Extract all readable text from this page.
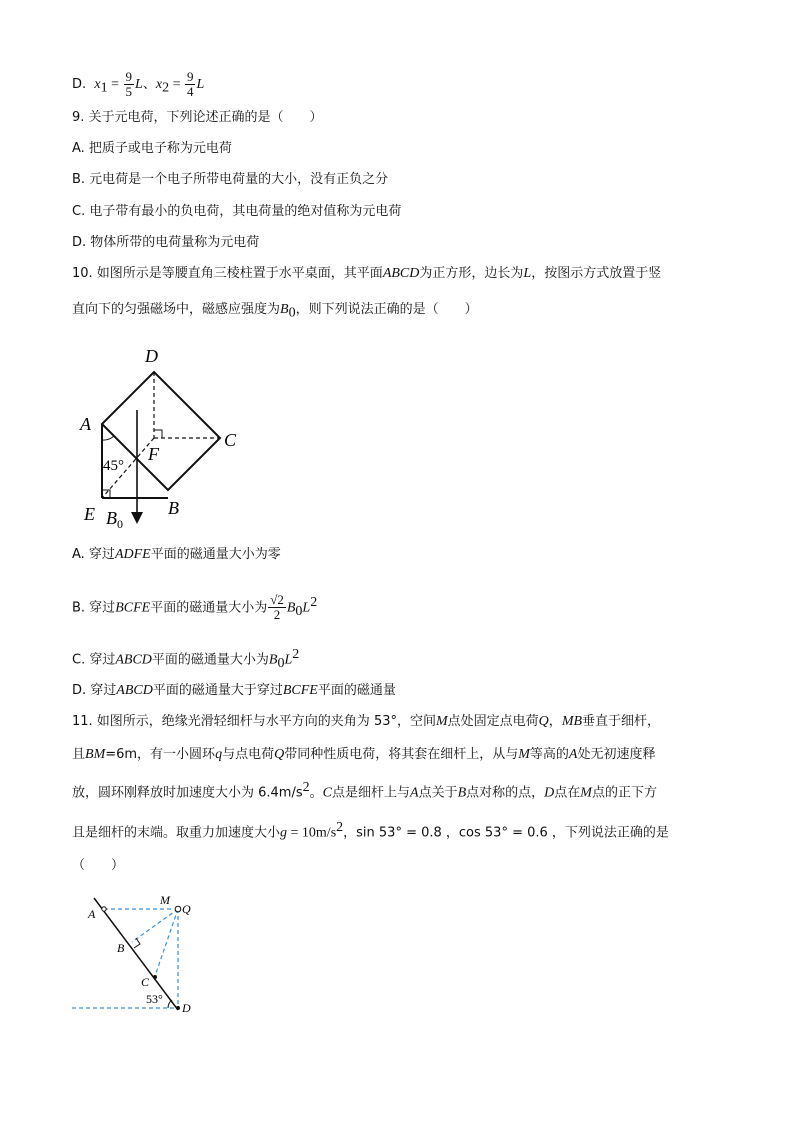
D. $x_1 = \frac{9}{5}$ L、$x_2 = \frac{9}{4}$ L
9. 关于元电荷，下列论述正确的是（　　）
A. 把质子或电子称为元电荷
B. 元电荷是一个电子所带电荷量的大小，没有正负之分
C. 电子带有最小的负电荷，其电荷量的绝对值称为元电荷
D. 物体所带的电荷量称为元电荷
10. 如图所示是等腰直角三棱柱置于水平桌面，其平面ABCD为正方形，边长为L，按图示方式放置于竖
直向下的匀强磁场中，磁感应强度为$B_0$，则下列说法正确的是（　　）
D
A
C
F
45°
E	B
$B_0$
A. 穿过ADFE平面的磁通量大小为零
B. 穿过BCFE平面的磁通量大小为 $\frac{√2}{2} B_0L^2$
C. 穿过ABCD平面的磁通量大小为$B_0L^2$
D. 穿过ABCD平面的磁通量大于穿过BCFE平面的磁通量
11. 如图所示，绝缘光滑轻细杆与水平方向的夹角为 53°，空间M点处固定点电荷Q，MB垂直于细杆，
且BM=6m，有一小圆环q与点电荷Q带同种性质电荷，将其套在细杆上，从与M等高的A处无初速度释
放，圆环刚释放时加速度大小为 $6.4m/s^2$。C点是细杆上与A点关于B点对称的点，D点在M点的正下方
且是细杆的末端。取重力加速度大小$g = 10m/s^2$，sin 53° = 0.8 ，cos 53° = 0.6 ，下列说法正确的是
（　　）
A
M
Q
B
C
D
53°
